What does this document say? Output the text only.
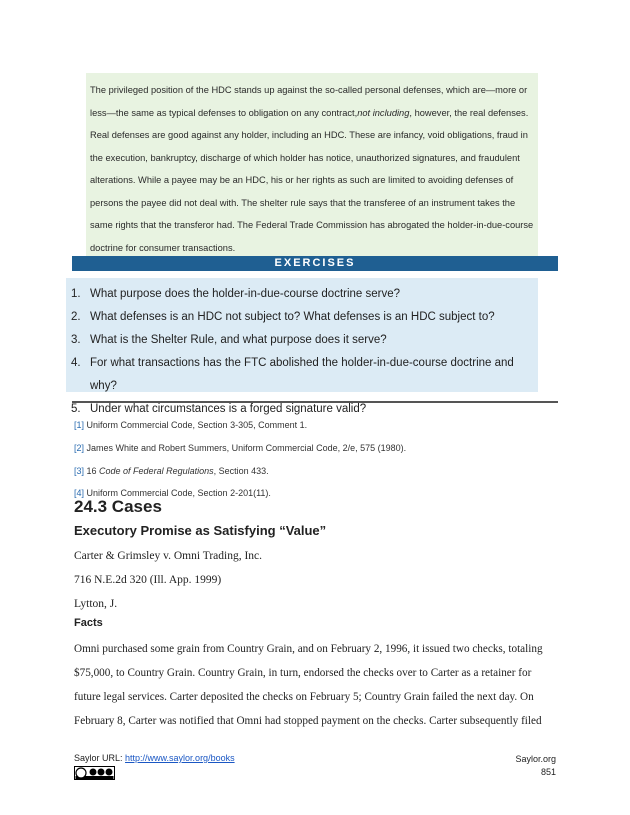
The privileged position of the HDC stands up against the so-called personal defenses, which are—more or less—the same as typical defenses to obligation on any contract,not including, however, the real defenses. Real defenses are good against any holder, including an HDC. These are infancy, void obligations, fraud in the execution, bankruptcy, discharge of which holder has notice, unauthorized signatures, and fraudulent alterations. While a payee may be an HDC, his or her rights as such are limited to avoiding defenses of persons the payee did not deal with. The shelter rule says that the transferee of an instrument takes the same rights that the transferor had. The Federal Trade Commission has abrogated the holder-in-due-course doctrine for consumer transactions.

EXERCISES
1. What purpose does the holder-in-due-course doctrine serve?
2. What defenses is an HDC not subject to? What defenses is an HDC subject to?
3. What is the Shelter Rule, and what purpose does it serve?
4. For what transactions has the FTC abolished the holder-in-due-course doctrine and why?
5. Under what circumstances is a forged signature valid?
[1] Uniform Commercial Code, Section 3-305, Comment 1.
[2] James White and Robert Summers, Uniform Commercial Code, 2/e, 575 (1980).
[3] 16 Code of Federal Regulations, Section 433.
[4] Uniform Commercial Code, Section 2-201(11).
24.3 Cases
Executory Promise as Satisfying “Value”

Carter & Grimsley v. Omni Trading, Inc.

716 N.E.2d 320 (Ill. App. 1999)

Lytton, J.

Facts

Omni purchased some grain from Country Grain, and on February 2, 1996, it issued two checks, totaling $75,000, to Country Grain. Country Grain, in turn, endorsed the checks over to Carter as a retainer for future legal services. Carter deposited the checks on February 5; Country Grain failed the next day. On February 8, Carter was notified that Omni had stopped payment on the checks. Carter subsequently filed

Saylor URL: http://www.saylor.org/books	Saylor.org
851
